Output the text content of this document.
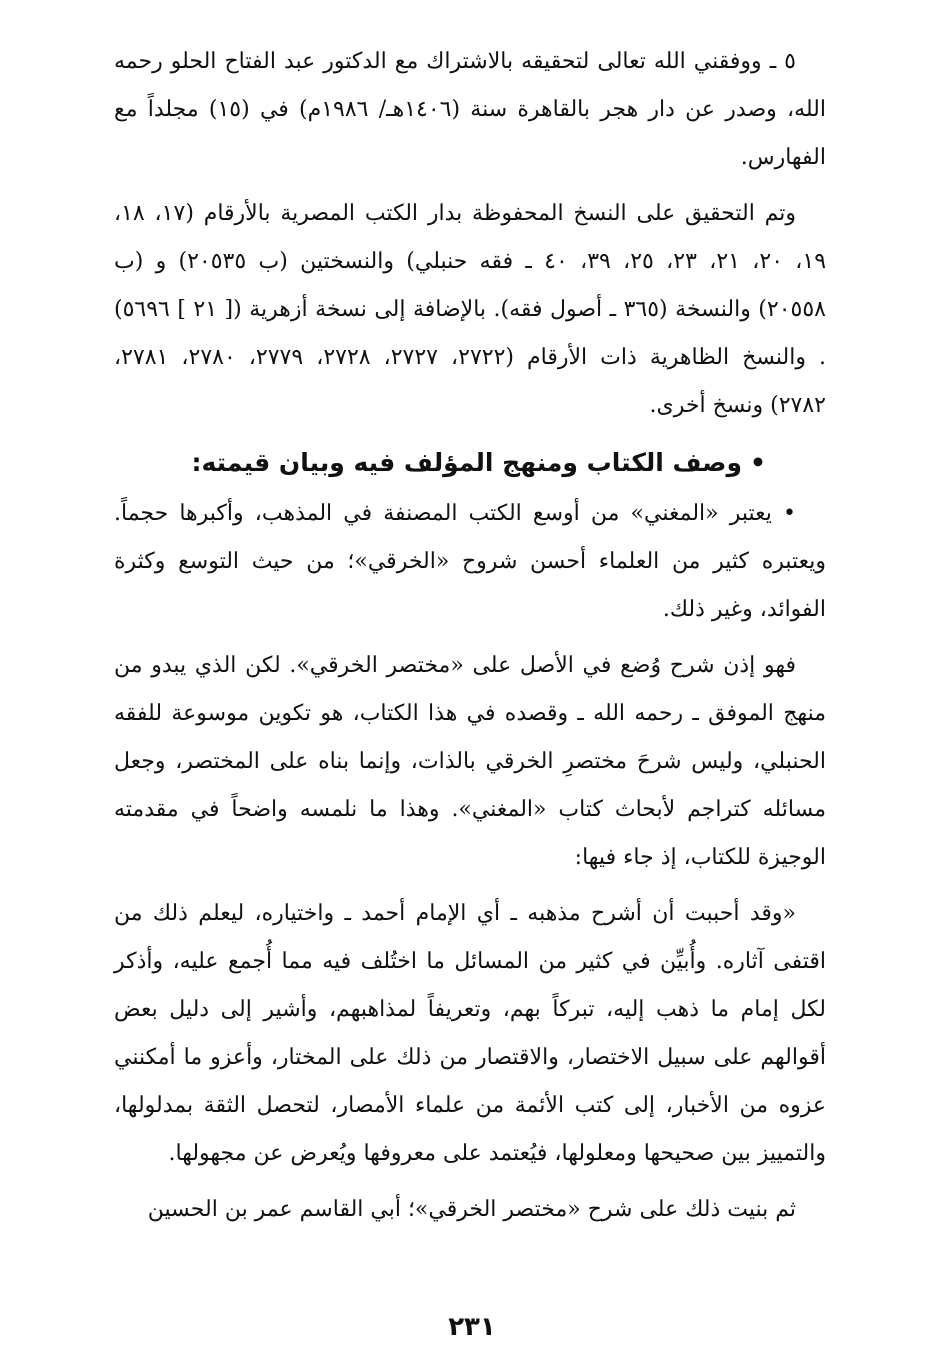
٥ ـ ووفقني الله تعالى لتحقيقه بالاشتراك مع الدكتور عبد الفتاح الحلو رحمه الله، وصدر عن دار هجر بالقاهرة سنة (١٤٠٦هـ/ ١٩٨٦م) في (١٥) مجلداً مع الفهارس.

وتم التحقيق على النسخ المحفوظة بدار الكتب المصرية بالأرقام (١٧، ١٨، ١٩، ٢٠، ٢١، ٢٣، ٢٥، ٣٩، ٤٠ ـ فقه حنبلي) والنسختين (ب ٢٠٥٣٥) و (ب ٢٠٥٥٨) والنسخة (٣٦٥ ـ أصول فقه). بالإضافة إلى نسخة أزهرية ([ ٢١ ] ٥٦٩٦) . والنسخ الظاهرية ذات الأرقام (٢٧٢٢، ٢٧٢٧، ٢٧٢٨، ٢٧٧٩، ٢٧٨٠، ٢٧٨١، ٢٧٨٢) ونسخ أخرى.

•وصف الكتاب ومنهج المؤلف فيه وبيان قيمته:

• يعتبر «المغني» من أوسع الكتب المصنفة في المذهب، وأكبرها حجماً. ويعتبره كثير من العلماء أحسن شروح «الخرقي»؛ من حيث التوسع وكثرة الفوائد، وغير ذلك.

فهو إذن شرح وُضع في الأصل على «مختصر الخرقي». لكن الذي يبدو من منهج الموفق ـ رحمه الله ـ وقصده في هذا الكتاب، هو تكوين موسوعة للفقه الحنبلي، وليس شرحَ مختصرِ الخرقي بالذات، وإنما بناه على المختصر، وجعل مسائله كتراجم لأبحاث كتاب «المغني». وهذا ما نلمسه واضحاً في مقدمته الوجيزة للكتاب، إذ جاء فيها:

«وقد أحببت أن أشرح مذهبه ـ أي الإمام أحمد ـ واختياره، ليعلم ذلك من اقتفى آثاره. وأُبيِّن في كثير من المسائل ما اختُلف فيه مما أُجمع عليه، وأذكر لكل إمام ما ذهب إليه، تبركاً بهم، وتعريفاً لمذاهبهم، وأشير إلى دليل بعض أقوالهم على سبيل الاختصار، والاقتصار من ذلك على المختار، وأعزو ما أمكنني عزوه من الأخبار، إلى كتب الأئمة من علماء الأمصار، لتحصل الثقة بمدلولها، والتمييز بين صحيحها ومعلولها، فيُعتمد على معروفها ويُعرض عن مجهولها.

ثم بنيت ذلك على شرح «مختصر الخرقي»؛ أبي القاسم عمر بن الحسين

٢٣١
